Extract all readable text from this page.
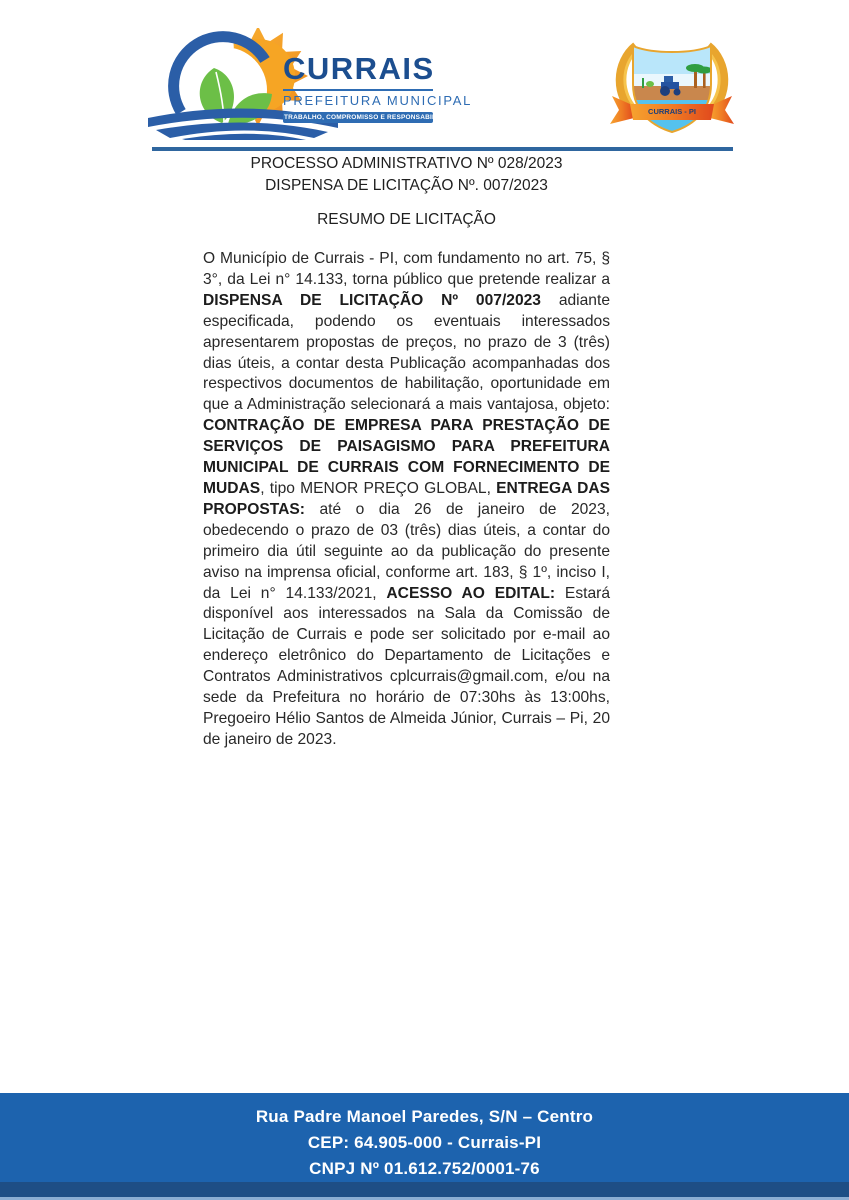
CURRAIS
PREFEITURA MUNICIPAL
TRABALHO, COMPROMISSO E RESPONSABILIDADE
CURRAIS - PI
PROCESSO ADMINISTRATIVO Nº 028/2023
DISPENSA DE LICITAÇÃO Nº. 007/2023
RESUMO DE LICITAÇÃO
O Município de Currais - PI, com fundamento no art. 75, § 3°, da Lei n° 14.133, torna público que pretende realizar a DISPENSA DE LICITAÇÃO Nº 007/2023 adiante especificada, podendo os eventuais interessados apresentarem propostas de preços, no prazo de 3 (três) dias úteis, a contar desta Publicação acompanhadas dos respectivos documentos de habilitação, oportunidade em que a Administração selecionará a mais vantajosa, objeto: CONTRAÇÃO DE EMPRESA PARA PRESTAÇÃO DE SERVIÇOS DE PAISAGISMO PARA PREFEITURA MUNICIPAL DE CURRAIS COM FORNECIMENTO DE MUDAS, tipo MENOR PREÇO GLOBAL, ENTREGA DAS PROPOSTAS: até o dia 26 de janeiro de 2023, obedecendo o prazo de 03 (três) dias úteis, a contar do primeiro dia útil seguinte ao da publicação do presente aviso na imprensa oficial, conforme art. 183, § 1º, inciso I, da Lei n° 14.133/2021, ACESSO AO EDITAL: Estará disponível aos interessados na Sala da Comissão de Licitação de Currais e pode ser solicitado por e-mail ao endereço eletrônico do Departamento de Licitações e Contratos Administrativos cplcurrais@gmail.com, e/ou na sede da Prefeitura no horário de 07:30hs às 13:00hs, Pregoeiro Hélio Santos de Almeida Júnior, Currais – Pi, 20 de janeiro de 2023.
Rua Padre Manoel Paredes, S/N – Centro
CEP: 64.905-000 - Currais-PI
CNPJ Nº 01.612.752/0001-76
